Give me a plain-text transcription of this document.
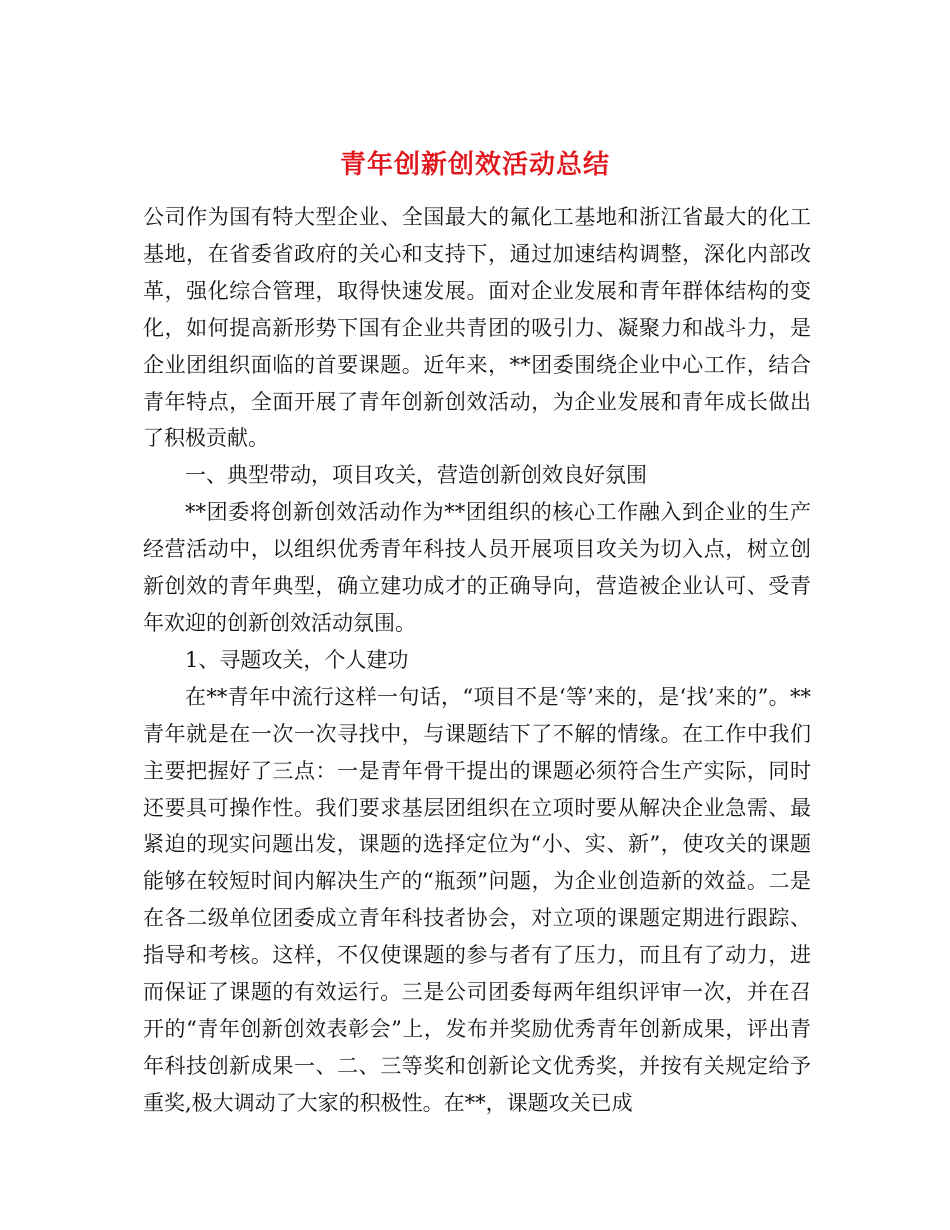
青年创新创效活动总结

公司作为国有特大型企业、全国最大的氟化工基地和浙江省最大的化工基地，在省委省政府的关心和支持下，通过加速结构调整，深化内部改革，强化综合管理，取得快速发展。面对企业发展和青年群体结构的变化，如何提高新形势下国有企业共青团的吸引力、凝聚力和战斗力，是企业团组织面临的首要课题。近年来，**团委围绕企业中心工作，结合青年特点，全面开展了青年创新创效活动，为企业发展和青年成长做出了积极贡献。

一、典型带动，项目攻关，营造创新创效良好氛围

**团委将创新创效活动作为**团组织的核心工作融入到企业的生产经营活动中，以组织优秀青年科技人员开展项目攻关为切入点，树立创新创效的青年典型，确立建功成才的正确导向，营造被企业认可、受青年欢迎的创新创效活动氛围。

1、寻题攻关，个人建功

在**青年中流行这样一句话，“项目不是‘等’来的，是‘找’来的”。**青年就是在一次一次寻找中，与课题结下了不解的情缘。在工作中我们主要把握好了三点：一是青年骨干提出的课题必须符合生产实际，同时还要具可操作性。我们要求基层团组织在立项时要从解决企业急需、最紧迫的现实问题出发，课题的选择定位为“小、实、新”，使攻关的课题能够在较短时间内解决生产的“瓶颈”问题，为企业创造新的效益。二是在各二级单位团委成立青年科技者协会，对立项的课题定期进行跟踪、指导和考核。这样，不仅使课题的参与者有了压力，而且有了动力，进而保证了课题的有效运行。三是公司团委每两年组织评审一次，并在召开的“青年创新创效表彰会”上，发布并奖励优秀青年创新成果，评出青年科技创新成果一、二、三等奖和创新论文优秀奖，并按有关规定给予重奖,极大调动了大家的积极性。在**，课题攻关已成
